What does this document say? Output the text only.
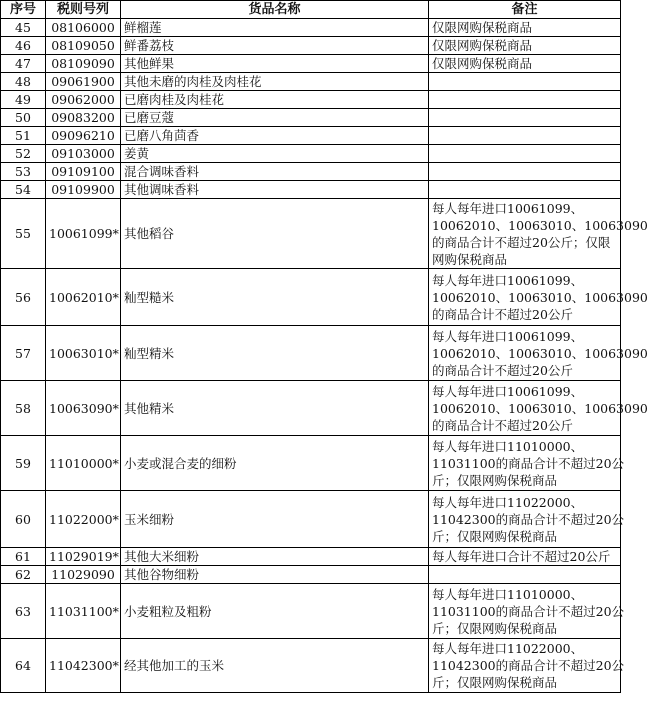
序号	税则号列	货品名称	备注
45	08106000	鲜榴莲	仅限网购保税商品

46	08109050	鲜番荔枝	仅限网购保税商品

47	08109090	其他鲜果	仅限网购保税商品

48	09061900	其他未磨的肉桂及肉桂花	
49	09062000	已磨肉桂及肉桂花	
50	09083200	已磨豆蔻	
51	09096210	已磨八角茴香	
52	09103000	姜黄	
53	09109100	混合调味香料	
54	09109900	其他调味香料	
55	10061099*	其他稻谷	每人每年进口10061099、
10062010、10063010、10063090
的商品合计不超过20公斤；仅限
网购保税商品

56	10062010*	籼型糙米	每人每年进口10061099、
10062010、10063010、10063090
的商品合计不超过20公斤

57	10063010*	籼型精米	每人每年进口10061099、
10062010、10063010、10063090
的商品合计不超过20公斤

58	10063090*	其他精米	每人每年进口10061099、
10062010、10063010、10063090
的商品合计不超过20公斤

59	11010000*	小麦或混合麦的细粉	每人每年进口11010000、
11031100的商品合计不超过20公
斤；仅限网购保税商品

60	11022000*	玉米细粉	每人每年进口11022000、
11042300的商品合计不超过20公
斤；仅限网购保税商品

61	11029019*	其他大米细粉	每人每年进口合计不超过20公斤

62	11029090	其他谷物细粉	
63	11031100*	小麦粗粒及粗粉	每人每年进口11010000、
11031100的商品合计不超过20公
斤；仅限网购保税商品

64	11042300*	经其他加工的玉米	每人每年进口11022000、
11042300的商品合计不超过20公
斤；仅限网购保税商品
